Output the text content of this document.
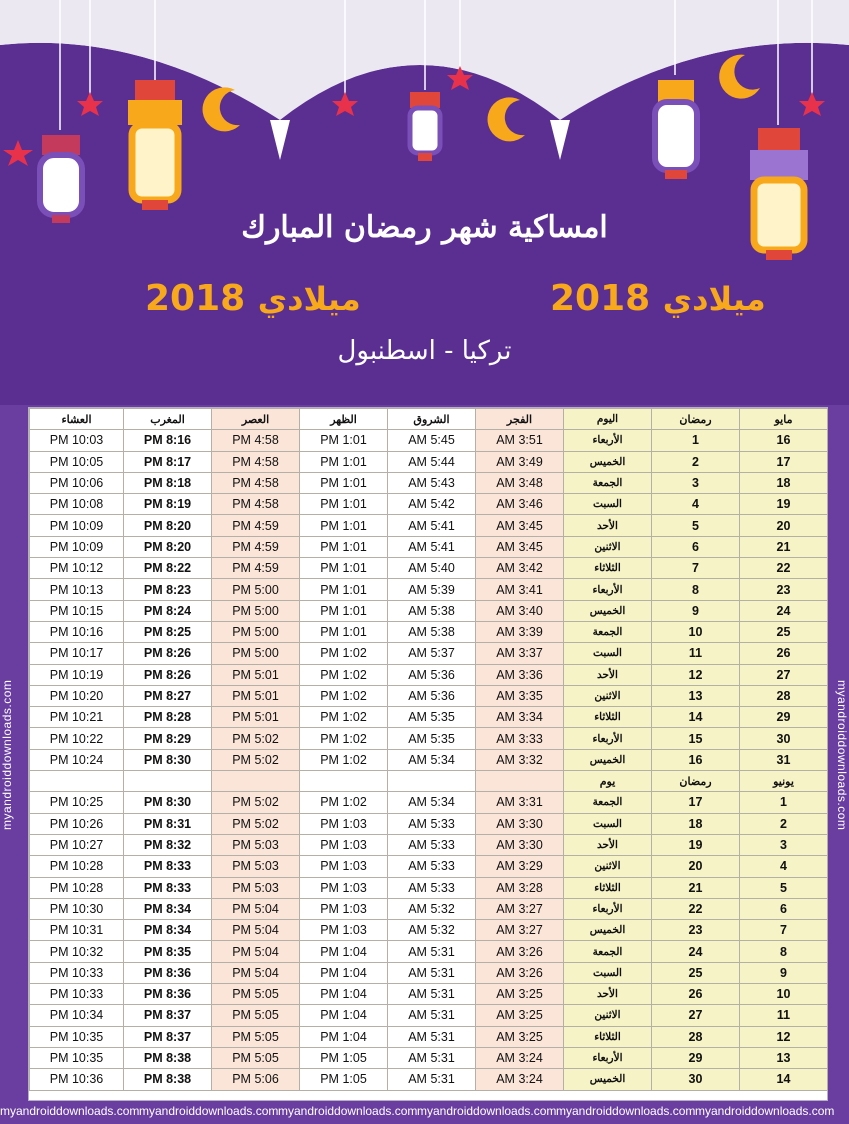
امساكية شهر رمضان المبارك
2018 ميلادي	2018 ميلادي
تركيا - اسطنبول
myandroiddownloads.com	myandroiddownloads.com
myandroiddownloads.commyandroiddownloads.commyandroiddownloads.commyandroiddownloads.commyandroiddownloads.commyandroiddownloads.com
مايو	رمضان	اليوم	الفجر	الشروق	الظهر	العصر	المغرب	العشاء
16	1	الأربعاء	3:51 AM	5:45 AM	1:01 PM	4:58 PM	8:16 PM	10:03 PM
17	2	الخميس	3:49 AM	5:44 AM	1:01 PM	4:58 PM	8:17 PM	10:05 PM
18	3	الجمعة	3:48 AM	5:43 AM	1:01 PM	4:58 PM	8:18 PM	10:06 PM
19	4	السبت	3:46 AM	5:42 AM	1:01 PM	4:58 PM	8:19 PM	10:08 PM
20	5	الأحد	3:45 AM	5:41 AM	1:01 PM	4:59 PM	8:20 PM	10:09 PM
21	6	الاثنين	3:45 AM	5:41 AM	1:01 PM	4:59 PM	8:20 PM	10:09 PM
22	7	الثلاثاء	3:42 AM	5:40 AM	1:01 PM	4:59 PM	8:22 PM	10:12 PM
23	8	الأربعاء	3:41 AM	5:39 AM	1:01 PM	5:00 PM	8:23 PM	10:13 PM
24	9	الخميس	3:40 AM	5:38 AM	1:01 PM	5:00 PM	8:24 PM	10:15 PM
25	10	الجمعة	3:39 AM	5:38 AM	1:01 PM	5:00 PM	8:25 PM	10:16 PM
26	11	السبت	3:37 AM	5:37 AM	1:02 PM	5:00 PM	8:26 PM	10:17 PM
27	12	الأحد	3:36 AM	5:36 AM	1:02 PM	5:01 PM	8:26 PM	10:19 PM
28	13	الاثنين	3:35 AM	5:36 AM	1:02 PM	5:01 PM	8:27 PM	10:20 PM
29	14	الثلاثاء	3:34 AM	5:35 AM	1:02 PM	5:01 PM	8:28 PM	10:21 PM
30	15	الأربعاء	3:33 AM	5:35 AM	1:02 PM	5:02 PM	8:29 PM	10:22 PM
31	16	الخميس	3:32 AM	5:34 AM	1:02 PM	5:02 PM	8:30 PM	10:24 PM
يونيو	رمضان	يوم						
1	17	الجمعة	3:31 AM	5:34 AM	1:02 PM	5:02 PM	8:30 PM	10:25 PM
2	18	السبت	3:30 AM	5:33 AM	1:03 PM	5:02 PM	8:31 PM	10:26 PM
3	19	الأحد	3:30 AM	5:33 AM	1:03 PM	5:03 PM	8:32 PM	10:27 PM
4	20	الاثنين	3:29 AM	5:33 AM	1:03 PM	5:03 PM	8:33 PM	10:28 PM
5	21	الثلاثاء	3:28 AM	5:33 AM	1:03 PM	5:03 PM	8:33 PM	10:28 PM
6	22	الأربعاء	3:27 AM	5:32 AM	1:03 PM	5:04 PM	8:34 PM	10:30 PM
7	23	الخميس	3:27 AM	5:32 AM	1:03 PM	5:04 PM	8:34 PM	10:31 PM
8	24	الجمعة	3:26 AM	5:31 AM	1:04 PM	5:04 PM	8:35 PM	10:32 PM
9	25	السبت	3:26 AM	5:31 AM	1:04 PM	5:04 PM	8:36 PM	10:33 PM
10	26	الأحد	3:25 AM	5:31 AM	1:04 PM	5:05 PM	8:36 PM	10:33 PM
11	27	الاثنين	3:25 AM	5:31 AM	1:04 PM	5:05 PM	8:37 PM	10:34 PM
12	28	الثلاثاء	3:25 AM	5:31 AM	1:04 PM	5:05 PM	8:37 PM	10:35 PM
13	29	الأربعاء	3:24 AM	5:31 AM	1:05 PM	5:05 PM	8:38 PM	10:35 PM
14	30	الخميس	3:24 AM	5:31 AM	1:05 PM	5:06 PM	8:38 PM	10:36 PM
